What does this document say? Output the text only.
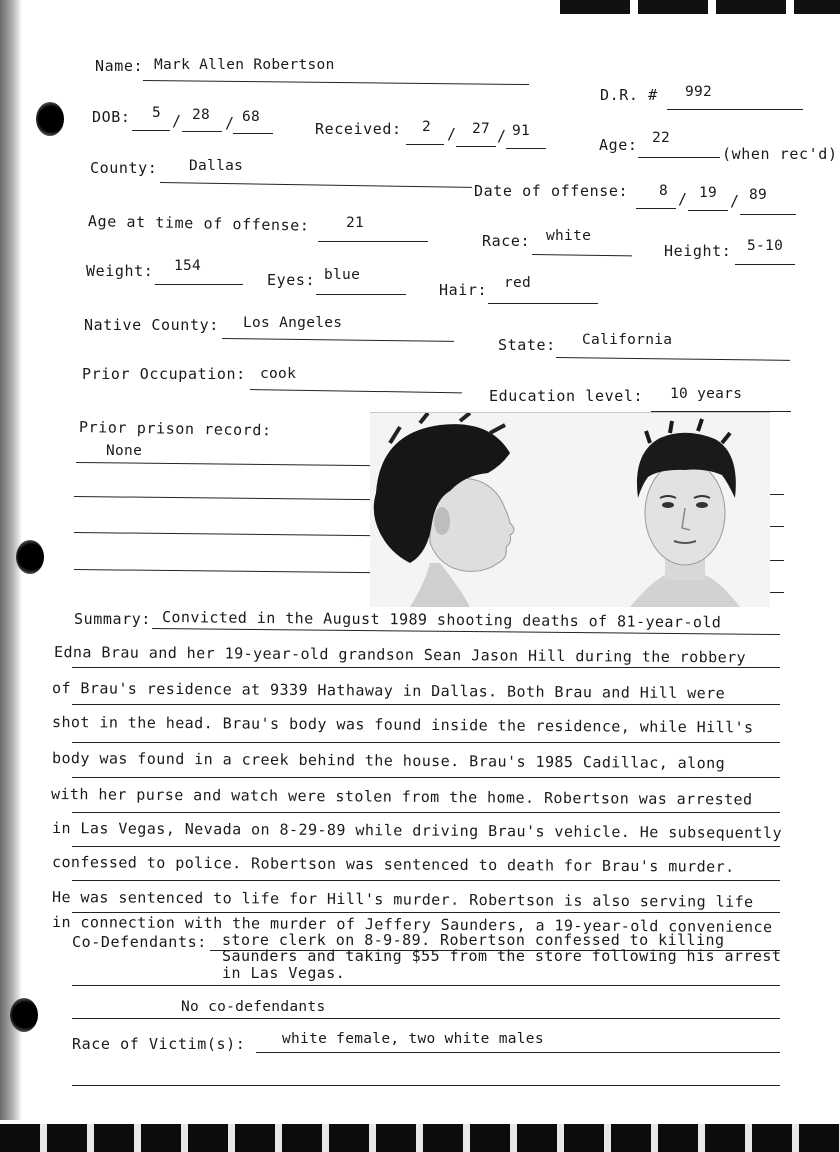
Name: Mark Allen Robertson
D.R. # 992
DOB: 5 / 28 / 68
Received: 2 / 27 / 91
Age: 22
(when rec'd)
County: Dallas
Date of offense: 8 / 19 / 89
Age at time of offense:	21
Race: white
Height: 5-10
Weight: 154
Eyes: blue
Hair: red
Native County: Los Angeles
State: California
Prior Occupation: cook
Education level: 10 years
Prior prison record:
None
Summary: Convicted in the August 1989 shooting deaths of 81-year-old
Edna Brau and her 19-year-old grandson Sean Jason Hill during the robbery
of Brau's residence at 9339 Hathaway in Dallas. Both Brau and Hill were
shot in the head. Brau's body was found inside the residence, while Hill's
body was found in a creek behind the house. Brau's 1985 Cadillac, along
with her purse and watch were stolen from the home. Robertson was arrested
in Las Vegas, Nevada on 8-29-89 while driving Brau's vehicle. He subsequently
confessed to police. Robertson was sentenced to death for Brau's murder.
He was sentenced to life for Hill's murder. Robertson is also serving life
in connection with the murder of Jeffery Saunders, a 19-year-old convenience
Co-Defendants: store clerk on 8-9-89. Robertson confessed to killing
Saunders and taking $55 from the store following his arrest
in Las Vegas.
No co-defendants
Race of Victim(s):	white female, two white males
